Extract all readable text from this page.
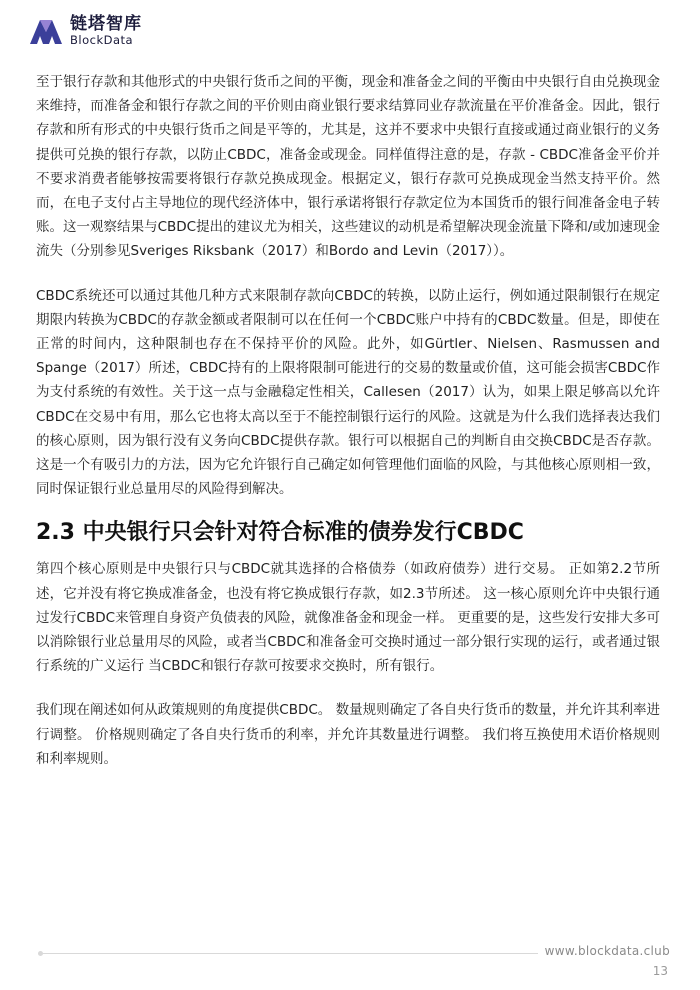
链塔智库
BlockData

至于银行存款和其他形式的中央银行货币之间的平衡，现金和准备金之间的平衡由中央银行自由兑换现金来维持，而准备金和银行存款之间的平价则由商业银行要求结算同业存款流量在平价准备金。因此，银行存款和所有形式的中央银行货币之间是平等的，尤其是，这并不要求中央银行直接或通过商业银行的义务提供可兑换的银行存款，以防止CBDC，准备金或现金。同样值得注意的是，存款 - CBDC准备金平价并不要求消费者能够按需要将银行存款兑换成现金。根据定义，银行存款可兑换成现金当然支持平价。然而，在电子支付占主导地位的现代经济体中，银行承诺将银行存款定位为本国货币的银行间准备金电子转账。这一观察结果与CBDC提出的建议尤为相关，这些建议的动机是希望解决现金流量下降和/或加速现金流失（分别参见Sveriges Riksbank（2017）和Bordo and Levin（2017））。

CBDC系统还可以通过其他几种方式来限制存款向CBDC的转换，以防止运行，例如通过限制银行在规定期限内转换为CBDC的存款金额或者限制可以在任何一个CBDC账户中持有的CBDC数量。但是，即使在正常的时间内，这种限制也存在不保持平价的风险。此外，如Gürtler、Nielsen、Rasmussen and Spange（2017）所述，CBDC持有的上限将限制可能进行的交易的数量或价值，这可能会损害CBDC作为支付系统的有效性。关于这一点与金融稳定性相关，Callesen（2017）认为，如果上限足够高以允许CBDC在交易中有用，那么它也将太高以至于不能控制银行运行的风险。这就是为什么我们选择表达我们的核心原则，因为银行没有义务向CBDC提供存款。银行可以根据自己的判断自由交换CBDC是否存款。这是一个有吸引力的方法，因为它允许银行自己确定如何管理他们面临的风险，与其他核心原则相一致，同时保证银行业总量用尽的风险得到解决。

2.3 中央银行只会针对符合标准的债券发行CBDC

第四个核心原则是中央银行只与CBDC就其选择的合格债券（如政府债券）进行交易。 正如第2.2节所述，它并没有将它换成准备金，也没有将它换成银行存款，如2.3节所述。 这一核心原则允许中央银行通过发行CBDC来管理自身资产负债表的风险，就像准备金和现金一样。 更重要的是，这些发行安排大多可以消除银行业总量用尽的风险，或者当CBDC和准备金可交换时通过一部分银行实现的运行，或者通过银行系统的广义运行 当CBDC和银行存款可按要求交换时，所有银行。

我们现在阐述如何从政策规则的角度提供CBDC。 数量规则确定了各自央行货币的数量，并允许其利率进行调整。 价格规则确定了各自央行货币的利率，并允许其数量进行调整。 我们将互换使用术语价格规则和利率规则。

www.blockdata.club
13
